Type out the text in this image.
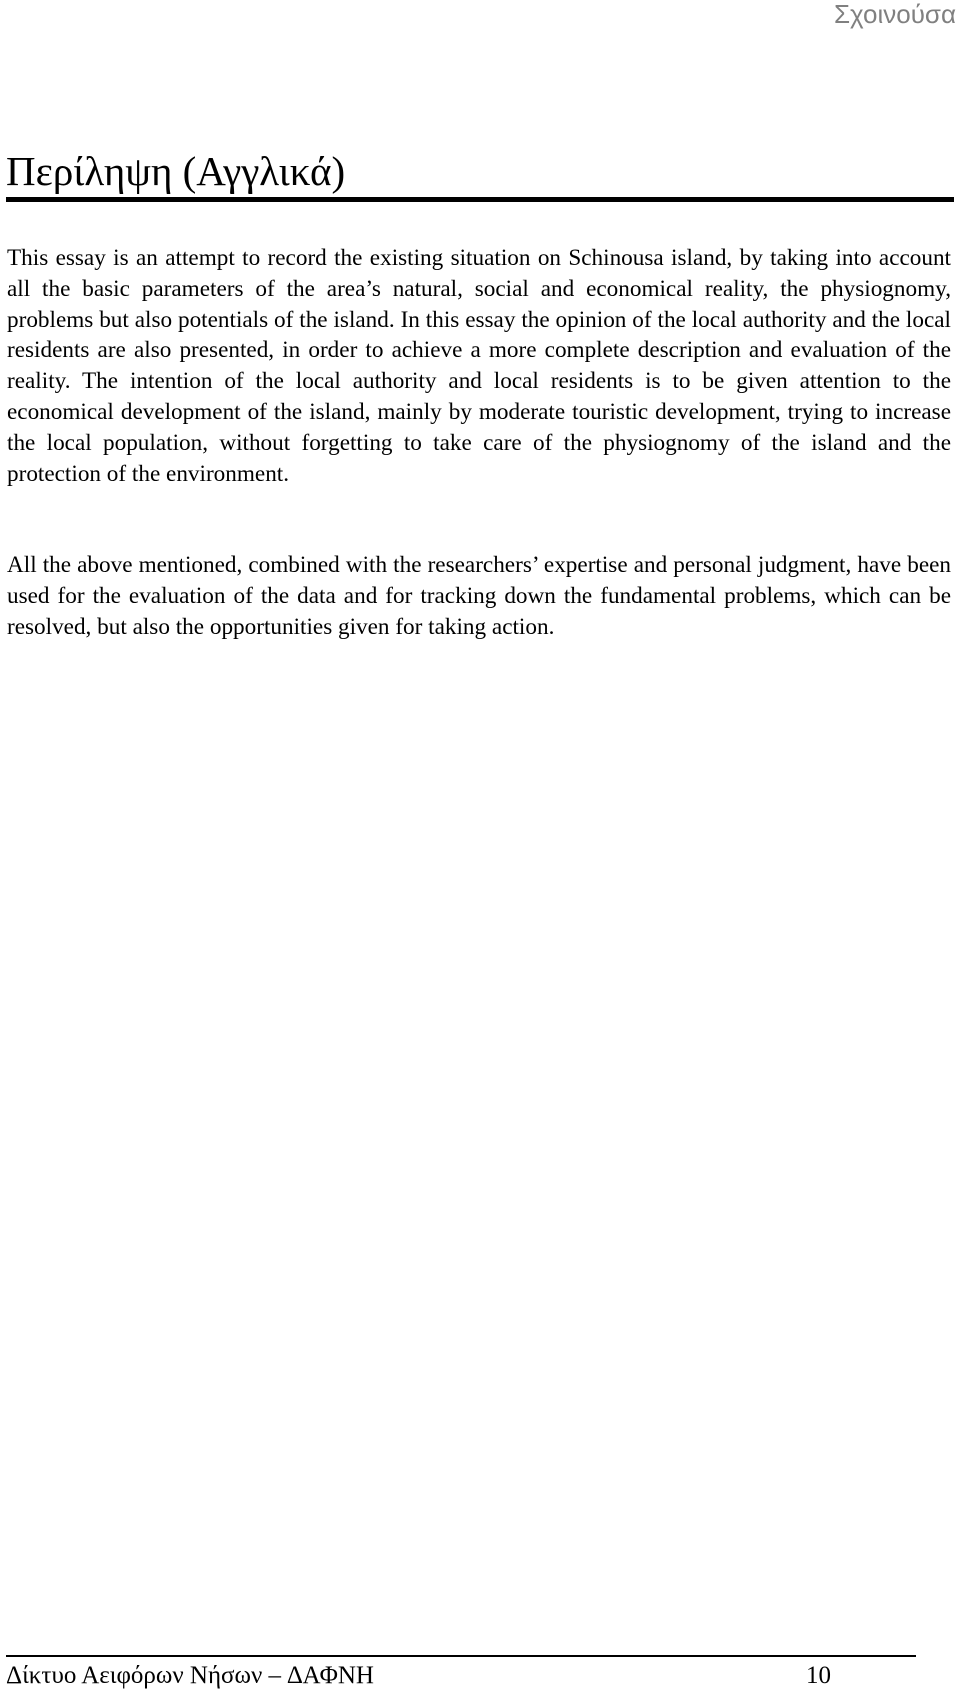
Σχοινούσα
Περίληψη (Αγγλικά)

This essay is an attempt to record the existing situation on Schinousa island, by taking into account all the basic parameters of the area’s natural, social and economical reality, the physiognomy, problems but also potentials of the island. In this essay the opinion of the local authority and the local residents are also presented, in order to achieve a more complete description and evaluation of the reality. The intention of the local authority and local residents is to be given attention to the economical development of the island, mainly by moderate touristic development, trying to increase the local population, without forgetting to take care of the physiognomy of the island and the protection of the environment.

All the above mentioned, combined with the researchers’ expertise and personal judgment, have been used for the evaluation of the data and for tracking down the fundamental problems, which can be resolved, but also the opportunities given for taking action.

Δίκτυο Αειφόρων Νήσων – ∆ΑΦΝΗ	10
